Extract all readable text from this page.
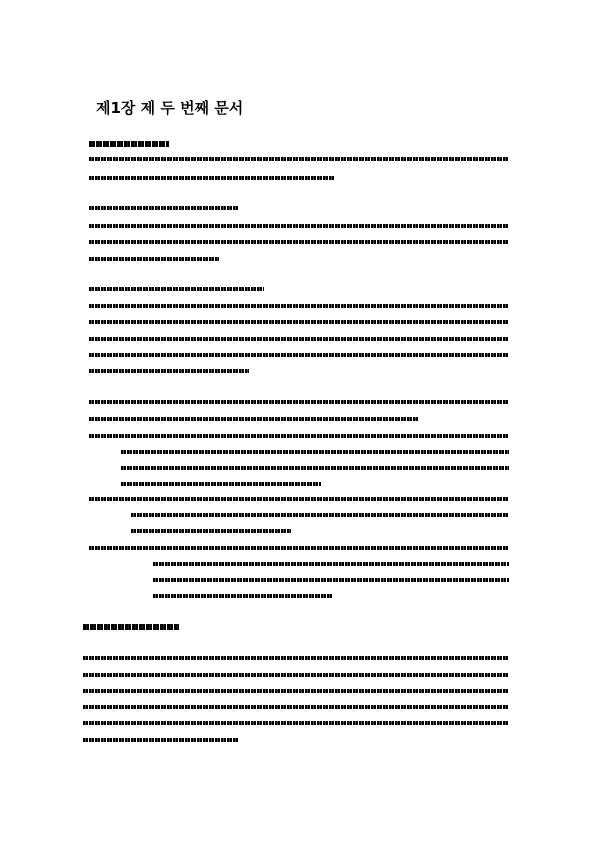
제1장 제 두 번째 문서
